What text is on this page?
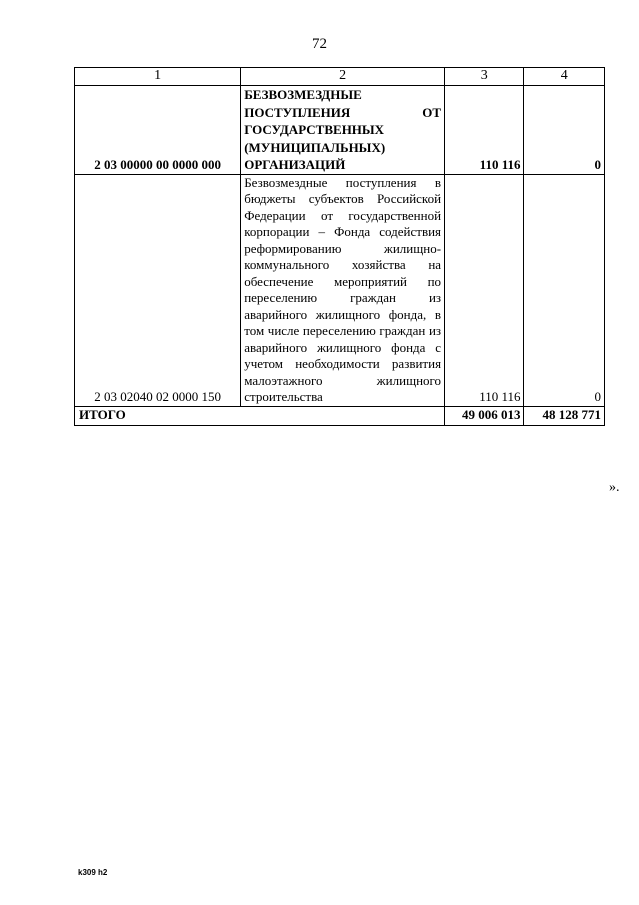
72
1	2	3	4
2 03 00000 00 0000 000	БЕЗВОЗМЕЗДНЫЕ ПОСТУПЛЕНИЯ ОТ ГОСУДАРСТВЕННЫХ (МУНИЦИПАЛЬНЫХ) ОРГАНИЗАЦИЙ	110 116	0
2 03 02040 02 0000 150	Безвозмездные поступления в бюджеты субъектов Российской Федерации от государственной корпорации – Фонда содействия реформированию жилищно-коммунального хозяйства на обеспечение мероприятий по переселению граждан из аварийного жилищного фонда, в том числе переселению граждан из аварийного жилищного фонда с учетом необходимости развития малоэтажного жилищного строительства	110 116	0
ИТОГО		49 006 013	48 128 771
».
k309 h2
